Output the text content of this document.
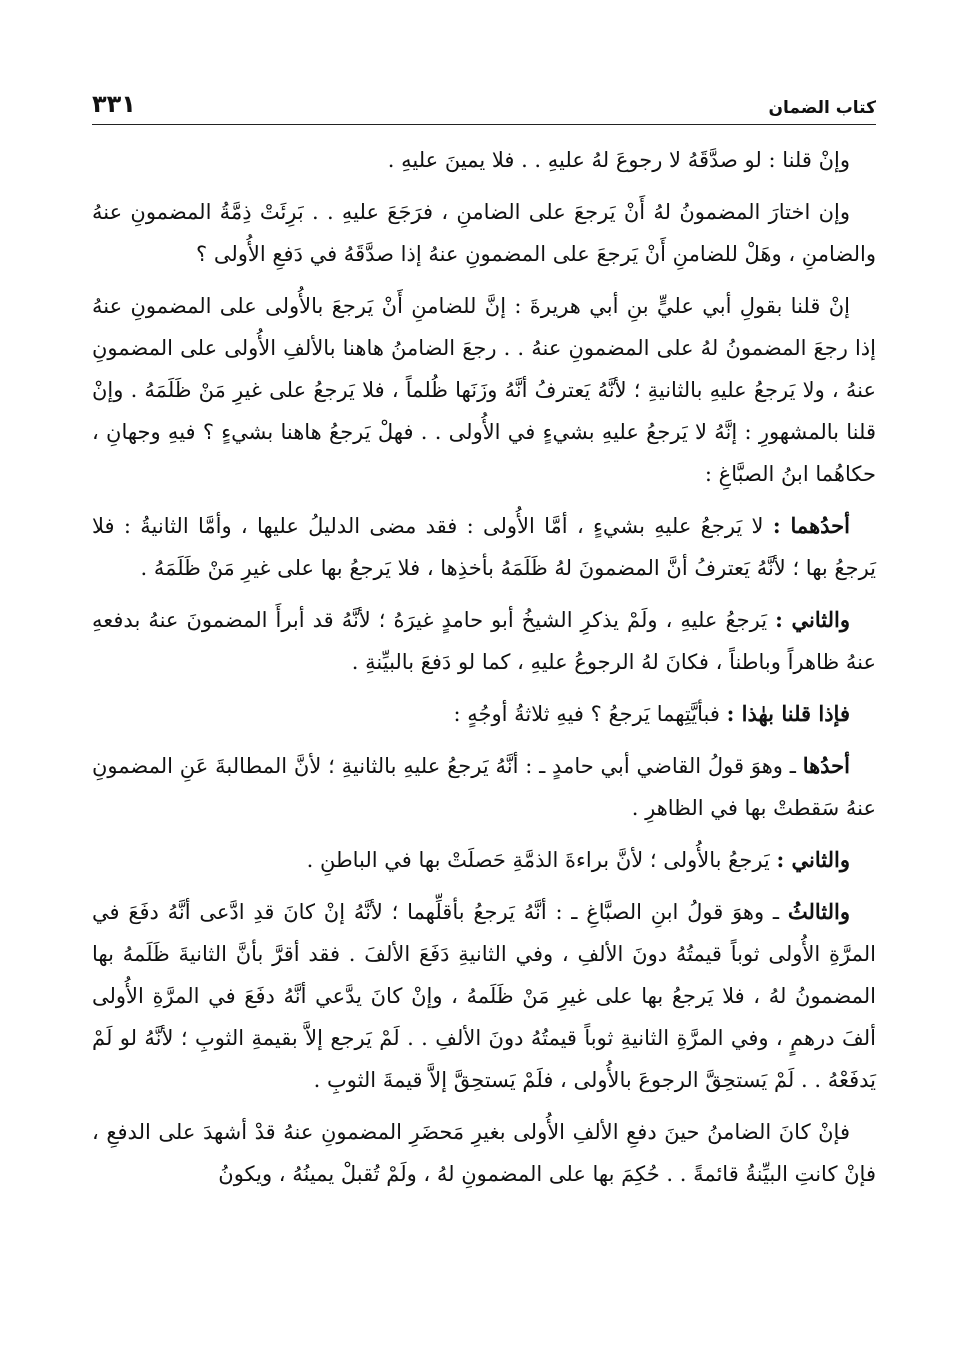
كتاب الضمان
٣٣١

وإنْ قلنا : لو صدَّقَهُ لا رجوعَ لهُ عليهِ . . فلا يمينَ عليهِ .

وإن اختارَ المضمونُ لهُ أَنْ يَرجعَ على الضامنِ ، فرَجَعَ عليهِ . . بَرِئَتْ ذِمَّةُ المضمونِ عنهُ والضامنِ ، وهَلْ للضامنِ أَنْ يَرجعَ على المضمونِ عنهُ إذا صدَّقَهُ في دَفعِ الأُولى ؟

إنْ قلنا بقولِ أبي عليٍّ بنِ أبي هريرةَ : إنَّ للضامنِ أَنْ يَرجعَ بالأُولى على المضمونِ عنهُ إذا رجعَ المضمونُ لهُ على المضمونِ عنهُ . . رجعَ الضامنُ هاهنا بالألفِ الأُولى على المضمونِ عنهُ ، ولا يَرجعُ عليهِ بالثانيةِ ؛ لأنَّهُ يَعترفُ أنَّهُ وزَنَها ظُلماً ، فلا يَرجعُ على غيرِ مَنْ ظَلَمَهُ . وإنْ قلنا بالمشهورِ : إنَّهُ لا يَرجعُ عليهِ بشيءٍ في الأُولى . . فهلْ يَرجعُ هاهنا بشيءٍ ؟ فيهِ وجهانِ ، حكاهُما ابنُ الصبَّاغِ :

أحدُهما : لا يَرجعُ عليهِ بشيءٍ ، أمَّا الأُولى : فقد مضى الدليلُ عليها ، وأمَّا الثانيةُ : فلا يَرجعُ بها ؛ لأنَّهُ يَعترفُ أنَّ المضمونَ لهُ ظَلَمَهُ بأخذِها ، فلا يَرجعُ بها على غيرِ مَنْ ظَلَمَهُ .

والثاني : يَرجعُ عليهِ ، ولَمْ يذكرِ الشيخُ أبو حامدٍ غيرَهُ ؛ لأنَّهُ قد أبرأَ المضمونَ عنهُ بدفعهِ عنهُ ظاهراً وباطناً ، فكانَ لهُ الرجوعُ عليهِ ، كما لو دَفعَ بالبيِّنةِ .

فإذا قلنا بهٰذا : فبأيَّتِهما يَرجعُ ؟ فيهِ ثلاثةُ أوجُهٍ :

أحدُها ـ وهوَ قولُ القاضي أبي حامدٍ ـ : أنَّهُ يَرجعُ عليهِ بالثانيةِ ؛ لأنَّ المطالبةَ عَنِ المضمونِ عنهُ سَقطتْ بها في الظاهرِ .

والثاني : يَرجعُ بالأُولى ؛ لأنَّ براءةَ الذمَّةِ حَصلَتْ بها في الباطنِ .

والثالثُ ـ وهوَ قولُ ابنِ الصبَّاغِ ـ : أنَّهُ يَرجعُ بأقلِّهما ؛ لأنَّهُ إنْ كانَ قدِ ادَّعى أنَّهُ دفَعَ في المرَّةِ الأُولى ثوباً قيمتُهُ دونَ الألفِ ، وفي الثانيةِ دَفَعَ الألفَ . فقد أقرَّ بأنَّ الثانيةَ ظَلَمهُ بها المضمونُ لهُ ، فلا يَرجعُ بها على غيرِ مَنْ ظَلَمهُ ، وإنْ كانَ يدَّعي أنَّهُ دفَعَ في المرَّةِ الأُولى ألفَ درهمٍ ، وفي المرَّةِ الثانيةِ ثوباً قيمتُهُ دونَ الألفِ . . لَمْ يَرجع إلاَّ بقيمةِ الثوبِ ؛ لأنَّهُ لو لَمْ يَدفَعْهُ . . لَمْ يَستحِقَّ الرجوعَ بالأُولى ، فلَمْ يَستحِقَّ إلاَّ قيمةَ الثوبِ .

فإنْ كانَ الضامنُ حينَ دفعِ الألفِ الأُولى بغيرِ مَحضَرِ المضمونِ عنهُ قدْ أشهدَ على الدفعِ ، فإنْ كانتِ البيِّنةُ قائمةً . . حُكِمَ بها على المضمونِ لهُ ، ولَمْ تُقبلْ يمينُهُ ، ويكونُ
